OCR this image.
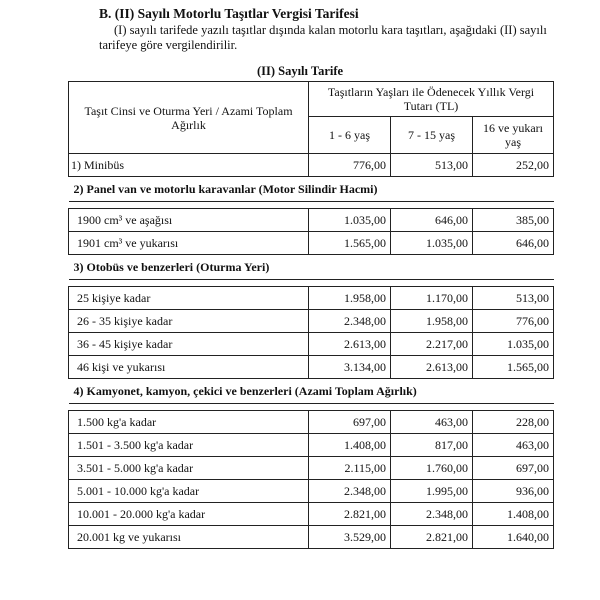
B. (II) Sayılı Motorlu Taşıtlar Vergisi Tarifesi
(I) sayılı tarifede yazılı taşıtlar dışında kalan motorlu kara taşıtları, aşağıdaki (II) sayılı tarifeye göre vergilendirilir.
(II) Sayılı Tarife
Taşıt Cinsi ve Oturma Yeri / Azami Toplam Ağırlık	Taşıtların Yaşları ile Ödenecek Yıllık Vergi Tutarı (TL)		
	1 - 6 yaş	7 - 15 yaş	16 ve yukarı yaş
1) Minibüs	776,00	513,00	252,00
2) Panel van ve motorlu karavanlar (Motor Silindir Hacmi)			

1900 cm³ ve aşağısı	1.035,00	646,00	385,00
1901 cm³ ve yukarısı	1.565,00	1.035,00	646,00
3) Otobüs ve benzerleri (Oturma Yeri)			

25 kişiye kadar	1.958,00	1.170,00	513,00
26 - 35 kişiye kadar	2.348,00	1.958,00	776,00
36 - 45 kişiye kadar	2.613,00	2.217,00	1.035,00
46 kişi ve yukarısı	3.134,00	2.613,00	1.565,00
4) Kamyonet, kamyon, çekici ve benzerleri (Azami Toplam Ağırlık)			

1.500 kg'a kadar	697,00	463,00	228,00
1.501 - 3.500 kg'a kadar	1.408,00	817,00	463,00
3.501 - 5.000 kg'a kadar	2.115,00	1.760,00	697,00
5.001 - 10.000 kg'a kadar	2.348,00	1.995,00	936,00
10.001 - 20.000 kg'a kadar	2.821,00	2.348,00	1.408,00
20.001 kg ve yukarısı	3.529,00	2.821,00	1.640,00
